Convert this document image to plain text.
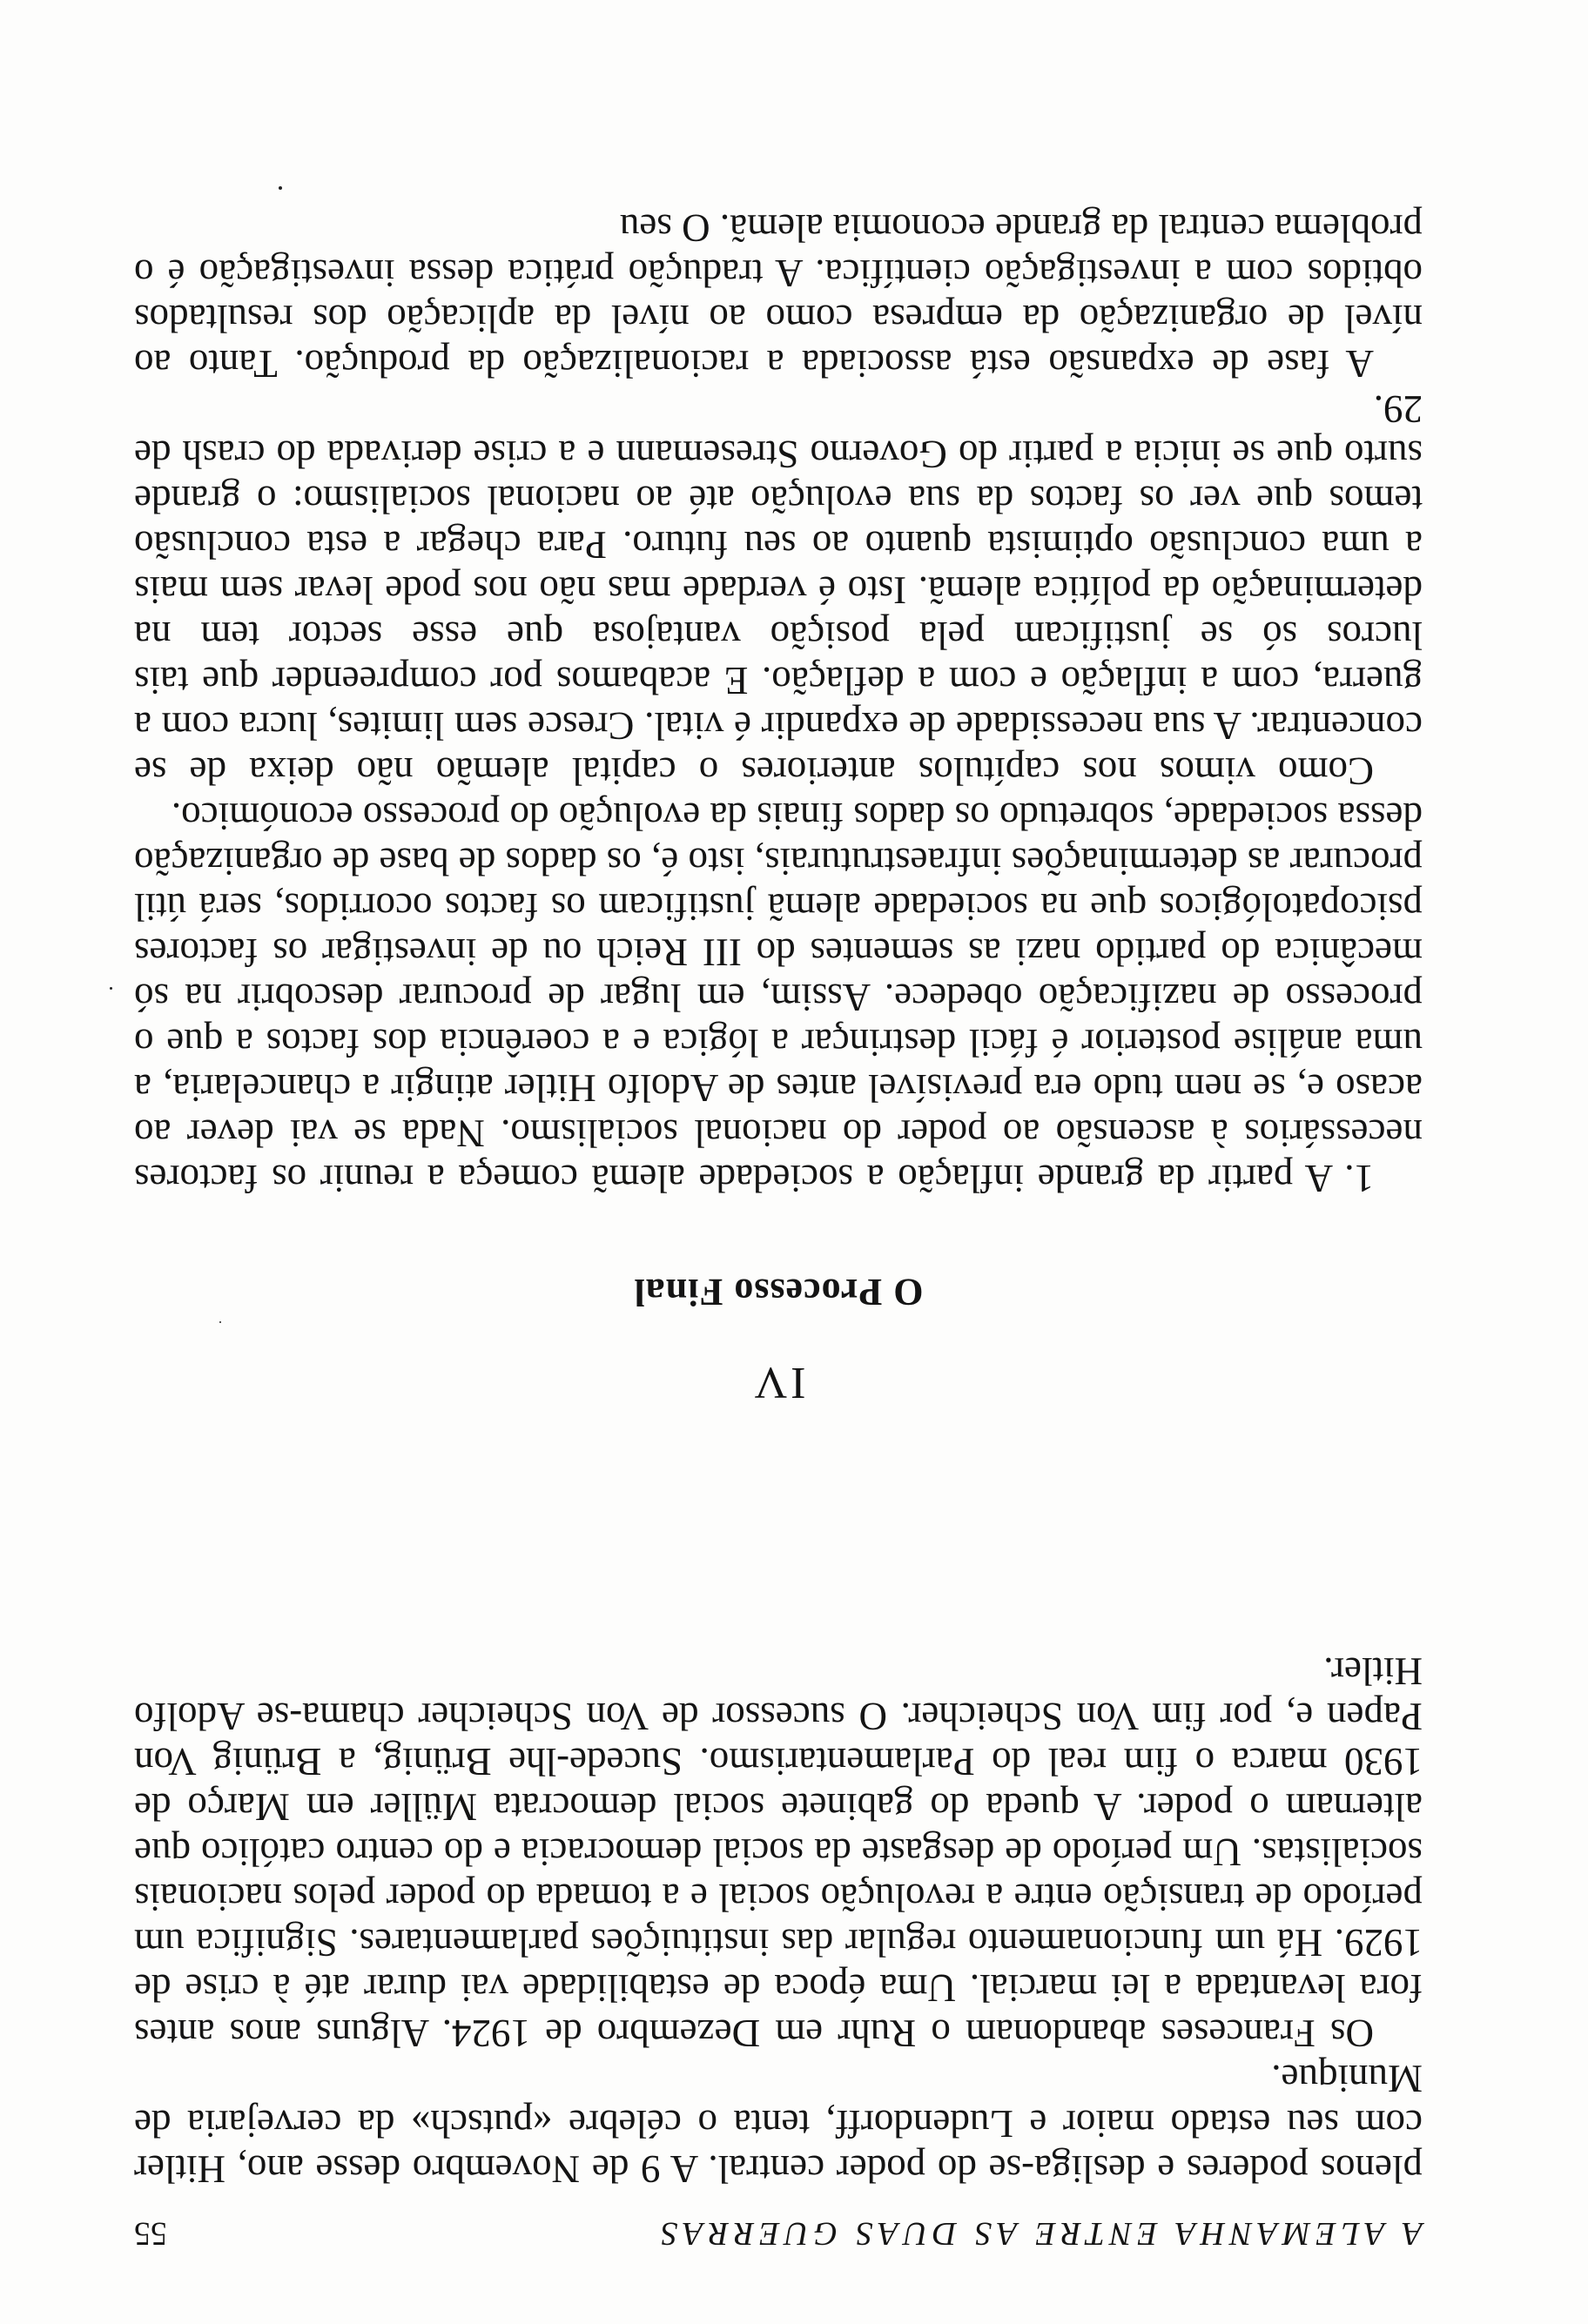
A ALEMANHA ENTRE AS DUAS GUERRAS
55

plenos poderes e desliga-se do poder central. A 9 de Novembro desse ano, Hitler com seu estado maior e Ludendorff, tenta o célebre «putsch» da cervejaria de Munique.

Os Franceses abandonam o Ruhr em Dezembro de 1924. Alguns anos antes fora levantada a lei marcial. Uma época de estabilidade vai durar até à crise de 1929. Há um funcionamento regular das instituições parlamentares. Significa um período de transição entre a revolução social e a tomada do poder pelos nacionais socialistas. Um período de desgaste da social democracia e do centro católico que alternam o poder. A queda do gabinete social democrata Müller em Março de 1930 marca o fim real do Parlamentarismo. Sucede-lhe Brünig, a Brünig Von Papen e, por fim Von Scheicher. O sucessor de Von Scheicher chama-se Adolfo Hitler.

IV
O Processo Final

1. A partir da grande inflação a sociedade alemã começa a reunir os factores necessários à ascensão ao poder do nacional socialismo. Nada se vai dever ao acaso e, se nem tudo era previsível antes de Adolfo Hitler atingir a chancelaria, a uma análise posterior é fácil destrinçar a lógica e a coerência dos factos a que o processo de nazificação obedece. Assim, em lugar de procurar descobrir na só mecânica do partido nazi as sementes do III Reich ou de investigar os factores psicopatológicos que na sociedade alemã justificam os factos ocorridos, será útil procurar as determinações infraestruturais, isto é, os dados de base de organização dessa sociedade, sobretudo os dados finais da evolução do processo económico.

Como vimos nos capítulos anteriores o capital alemão não deixa de se concentrar. A sua necessidade de expandir é vital. Cresce sem limites, lucra com a guerra, com a inflação e com a deflação. E acabamos por compreender que tais lucros só se justificam pela posição vantajosa que esse sector tem na determinação da política alemã. Isto é verdade mas não nos pode levar sem mais a uma conclusão optimista quanto ao seu futuro. Para chegar a esta conclusão temos que ver os factos da sua evolução até ao nacional socialismo: o grande surto que se inicia a partir do Governo Stresemann e a crise derivada do crash de 29.

A fase de expansão está associada a racionalização da produção. Tanto ao nível de organização da empresa como ao nível da aplicação dos resultados obtidos com a investigação científica. A tradução prática dessa investigação é o problema central da grande economia alemã. O seu
